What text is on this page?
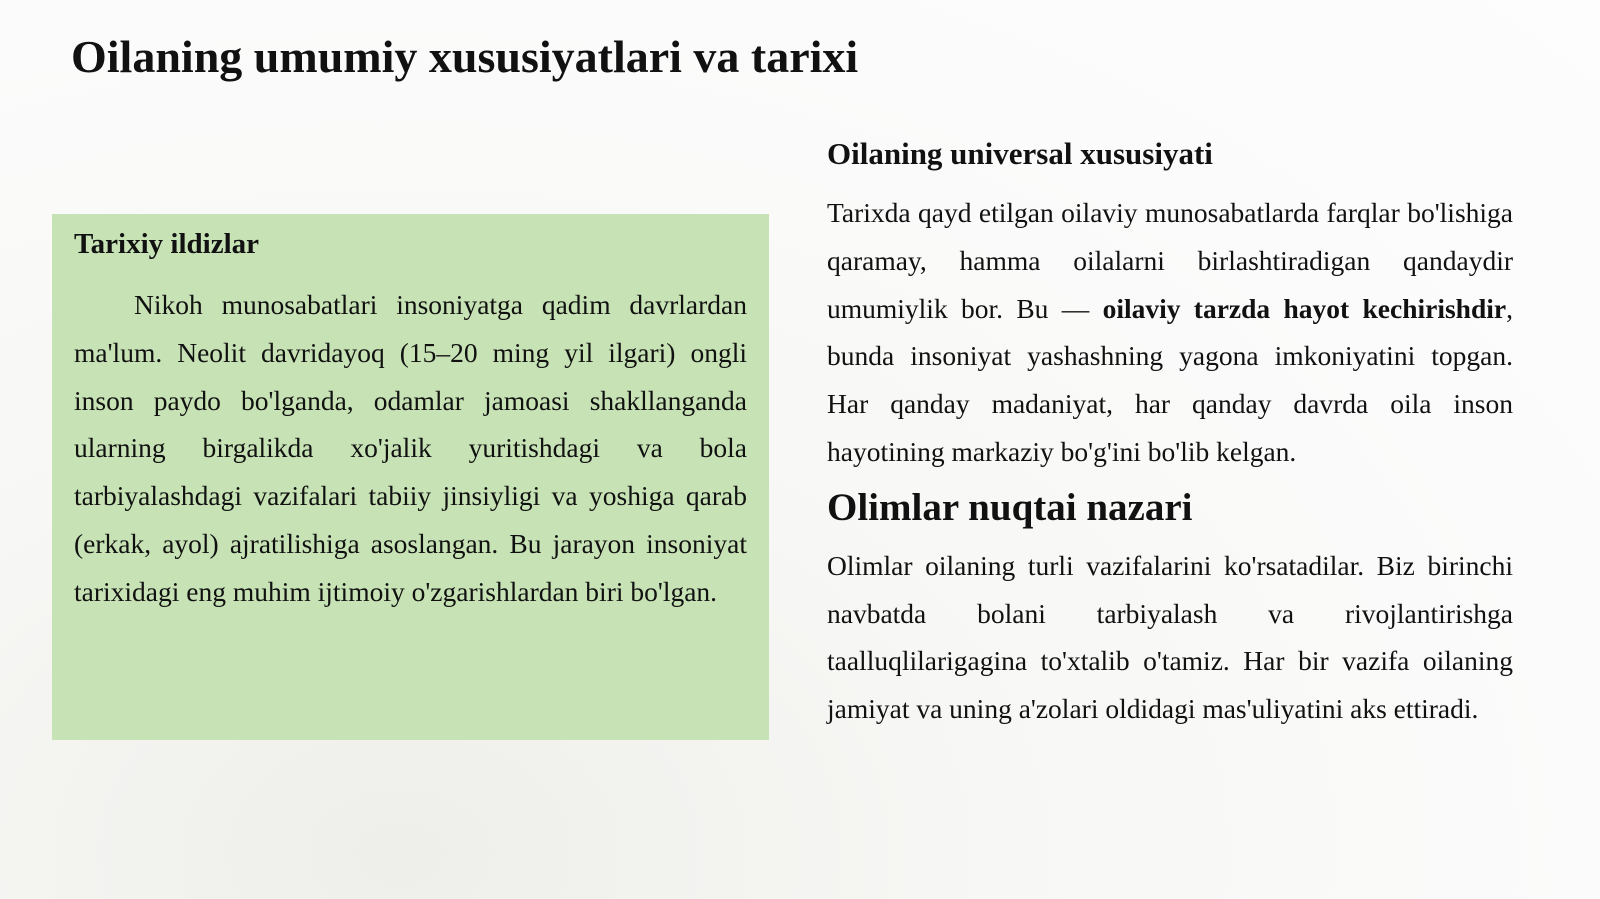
Oilaning umumiy xususiyatlari va tarixi
Tarixiy ildizlar

Nikoh munosabatlari insoniyatga qadim davrlardan ma'lum. Neolit davridayoq (15–20 ming yil ilgari) ongli inson paydo bo'lganda, odamlar jamoasi shakllanganda ularning birgalikda xo'jalik yuritishdagi va bola tarbiyalashdagi vazifalari tabiiy jinsiyligi va yoshiga qarab (erkak, ayol) ajratilishiga asoslangan. Bu jarayon insoniyat tarixidagi eng muhim ijtimoiy o'zgarishlardan biri bo'lgan.

Oilaning universal xususiyati

Tarixda qayd etilgan oilaviy munosabatlarda farqlar bo'lishiga qaramay, hamma oilalarni birlashtiradigan qandaydir umumiylik bor. Bu — oilaviy tarzda hayot kechirishdir, bunda insoniyat yashashning yagona imkoniyatini topgan. Har qanday madaniyat, har qanday davrda oila inson hayotining markaziy bo'g'ini bo'lib kelgan.

Olimlar nuqtai nazari

Olimlar oilaning turli vazifalarini ko'rsatadilar. Biz birinchi navbatda bolani tarbiyalash va rivojlantirishga taalluqlilarigagina to'xtalib o'tamiz. Har bir vazifa oilaning jamiyat va uning a'zolari oldidagi mas'uliyatini aks ettiradi.
